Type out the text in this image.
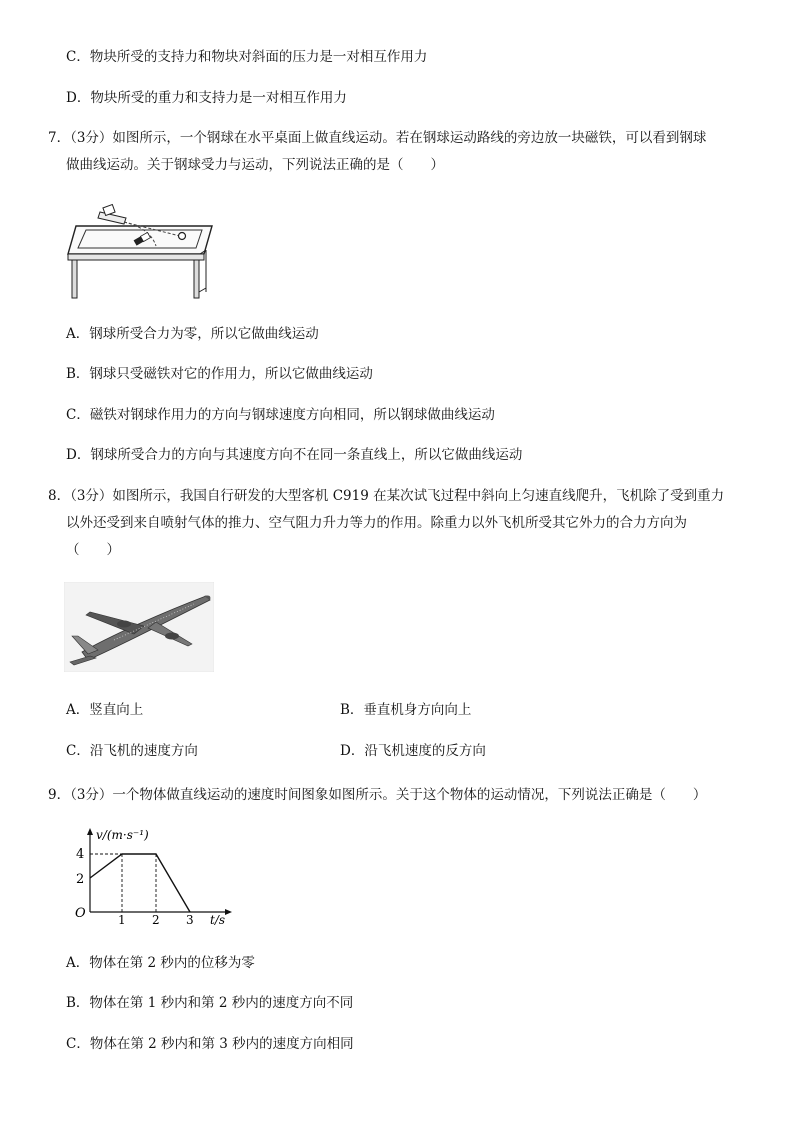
C．物块所受的支持力和物块对斜面的压力是一对相互作用力
D．物块所受的重力和支持力是一对相互作用力
7．（3分）如图所示，一个钢球在水平桌面上做直线运动。若在钢球运动路线的旁边放一块磁铁，可以看到钢球
做曲线运动。关于钢球受力与运动，下列说法正确的是（　　）
A．钢球所受合力为零，所以它做曲线运动
B．钢球只受磁铁对它的作用力，所以它做曲线运动
C．磁铁对钢球作用力的方向与钢球速度方向相同，所以钢球做曲线运动
D．钢球所受合力的方向与其速度方向不在同一条直线上，所以它做曲线运动
8．（3分）如图所示，我国自行研发的大型客机 C919 在某次试飞过程中斜向上匀速直线爬升，飞机除了受到重力
以外还受到来自喷射气体的推力、空气阻力升力等力的作用。除重力以外飞机所受其它外力的合力方向为
（　　）
A．竖直向上	B．垂直机身方向向上
C．沿飞机的速度方向	D．沿飞机速度的反方向
9．（3分）一个物体做直线运动的速度时间图象如图所示。关于这个物体的运动情况，下列说法正确是（　　）
v/(m·s⁻¹)
4
2
O	1 2 3 t/s
A．物体在第 2 秒内的位移为零
B．物体在第 1 秒内和第 2 秒内的速度方向不同
C．物体在第 2 秒内和第 3 秒内的速度方向相同
